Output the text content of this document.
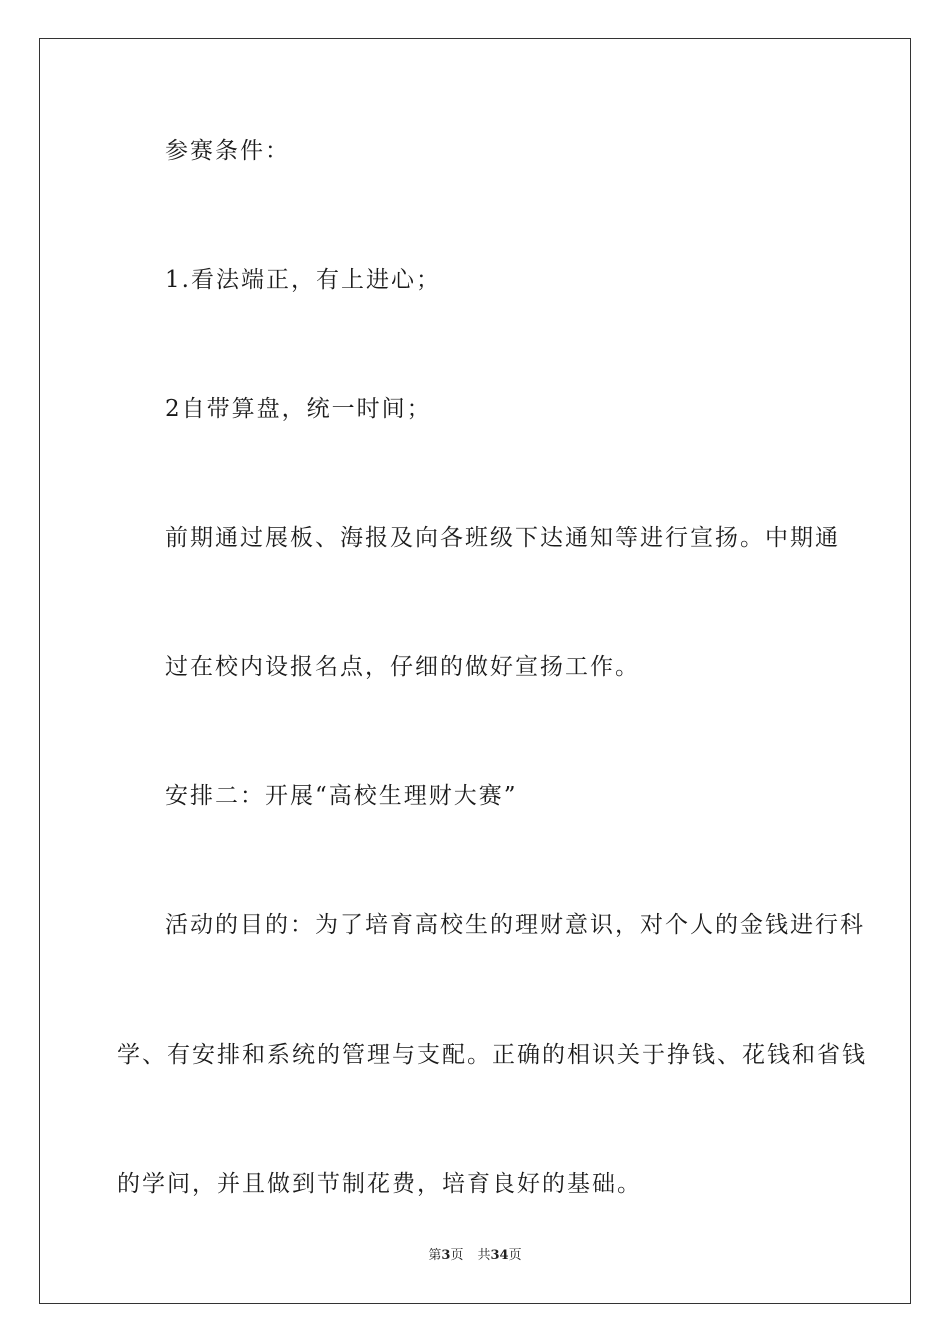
参赛条件：
1.看法端正，有上进心；
2自带算盘，统一时间；
前期通过展板、海报及向各班级下达通知等进行宣扬。中期通
过在校内设报名点，仔细的做好宣扬工作。
安排二：开展“高校生理财大赛”
活动的目的：为了培育高校生的理财意识，对个人的金钱进行科
学、有安排和系统的管理与支配。正确的相识关于挣钱、花钱和省钱
的学问，并且做到节制花费，培育良好的基础。
第3页 共34页
